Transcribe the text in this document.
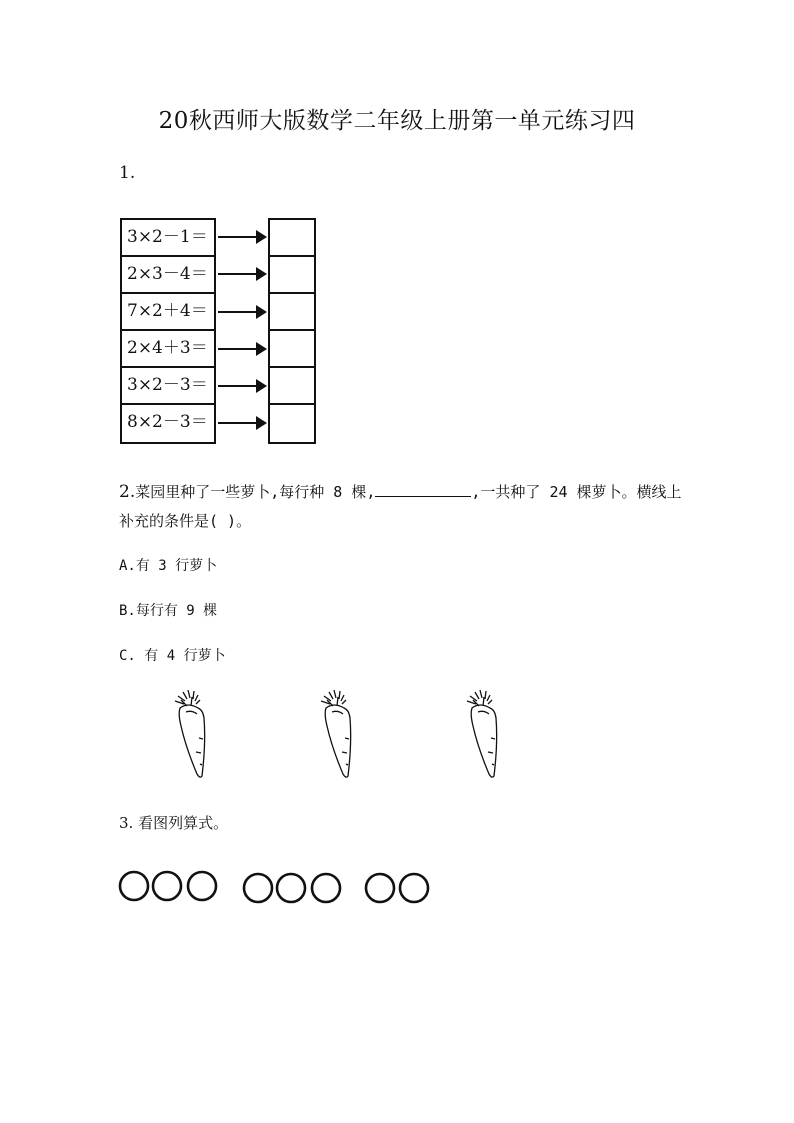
20秋西师大版数学二年级上册第一单元练习四
1.
3×2－1＝
2×3－4＝
7×2＋4＝
2×4＋3＝
3×2－3＝
8×2－3＝
2.菜园里种了一些萝卜,每行种 8 棵,	,一共种了 24 棵萝卜。横线上补充的条件是( )。
A.有 3 行萝卜
B.每行有 9 棵
C. 有 4 行萝卜
3. 看图列算式。
